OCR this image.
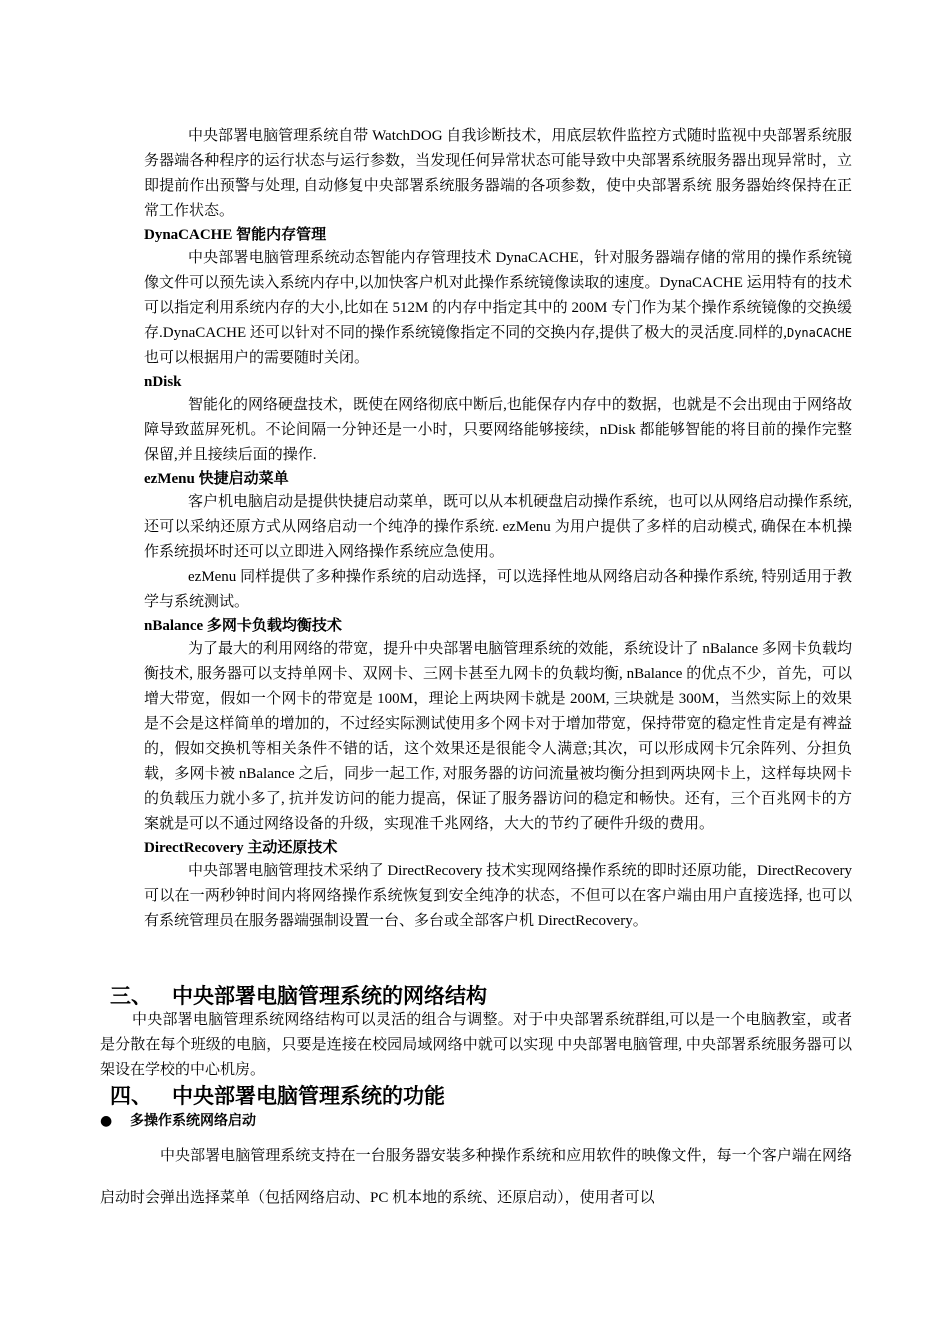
中央部署电脑管理系统自带 WatchDOG 自我诊断技术，用底层软件监控方式随时监视中央部署系统服务器端各种程序的运行状态与运行参数，当发现任何异常状态可能导致中央部署系统服务器出现异常时，立即提前作出预警与处理, 自动修复中央部署系统服务器端的各项参数，使中央部署系统 服务器始终保持在正常工作状态。

DynaCACHE 智能内存管理

中央部署电脑管理系统动态智能内存管理技术 DynaCACHE，针对服务器端存储的常用的操作系统镜像文件可以预先读入系统内存中,以加快客户机对此操作系统镜像读取的速度。DynaCACHE 运用特有的技术可以指定利用系统内存的大小,比如在 512M 的内存中指定其中的 200M 专门作为某个操作系统镜像的交换缓存.DynaCACHE 还可以针对不同的操作系统镜像指定不同的交换内存,提供了极大的灵活度.同样的,DynaCACHE 也可以根据用户的需要随时关闭。

nDisk

智能化的网络硬盘技术，既使在网络彻底中断后,也能保存内存中的数据，也就是不会出现由于网络故障导致蓝屏死机。不论间隔一分钟还是一小时，只要网络能够接续，nDisk 都能够智能的将目前的操作完整保留,并且接续后面的操作.

ezMenu 快捷启动菜单

客户机电脑启动是提供快捷启动菜单，既可以从本机硬盘启动操作系统，也可以从网络启动操作系统, 还可以采纳还原方式从网络启动一个纯净的操作系统. ezMenu 为用户提供了多样的启动模式, 确保在本机操作系统损坏时还可以立即进入网络操作系统应急使用。

ezMenu 同样提供了多种操作系统的启动选择，可以选择性地从网络启动各种操作系统, 特别适用于教学与系统测试。

nBalance 多网卡负载均衡技术

为了最大的利用网络的带宽，提升中央部署电脑管理系统的效能，系统设计了 nBalance 多网卡负载均衡技术, 服务器可以支持单网卡、双网卡、三网卡甚至九网卡的负载均衡, nBalance 的优点不少，首先，可以增大带宽，假如一个网卡的带宽是 100M，理论上两块网卡就是 200M, 三块就是 300M，当然实际上的效果是不会是这样简单的增加的，不过经实际测试使用多个网卡对于增加带宽，保持带宽的稳定性肯定是有裨益的，假如交换机等相关条件不错的话，这个效果还是很能令人满意;其次，可以形成网卡冗余阵列、分担负载，多网卡被 nBalance 之后，同步一起工作, 对服务器的访问流量被均衡分担到两块网卡上，这样每块网卡的负载压力就小多了, 抗并发访问的能力提高，保证了服务器访问的稳定和畅快。还有，三个百兆网卡的方案就是可以不通过网络设备的升级，实现准千兆网络，大大的节约了硬件升级的费用。

DirectRecovery 主动还原技术

中央部署电脑管理技术采纳了 DirectRecovery 技术实现网络操作系统的即时还原功能，DirectRecovery 可以在一两秒钟时间内将网络操作系统恢复到安全纯净的状态，不但可以在客户端由用户直接选择, 也可以有系统管理员在服务器端强制设置一台、多台或全部客户机 DirectRecovery。

三、 中央部署电脑管理系统的网络结构

中央部署电脑管理系统网络结构可以灵活的组合与调整。对于中央部署系统群组,可以是一个电脑教室，或者是分散在每个班级的电脑，只要是连接在校园局域网络中就可以实现 中央部署电脑管理, 中央部署系统服务器可以架设在学校的中心机房。

四、 中央部署电脑管理系统的功能

● 多操作系统网络启动

中央部署电脑管理系统支持在一台服务器安装多种操作系统和应用软件的映像文件，每一个客户端在网络启动时会弹出选择菜单（包括网络启动、PC 机本地的系统、还原启动），使用者可以
